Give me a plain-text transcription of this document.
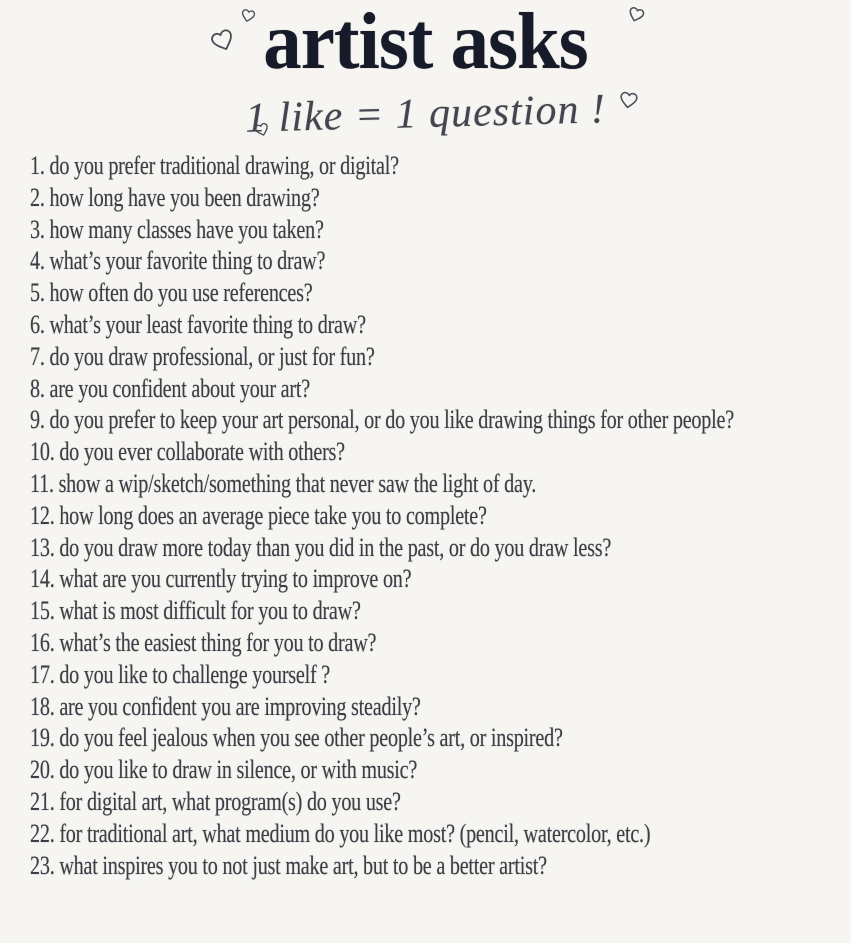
artist asks
1 like = 1 question !
1. do you prefer traditional drawing, or digital?
2. how long have you been drawing?
3. how many classes have you taken?
4. what’s your favorite thing to draw?
5. how often do you use references?
6. what’s your least favorite thing to draw?
7. do you draw professional, or just for fun?
8. are you confident about your art?
9. do you prefer to keep your art personal, or do you like drawing things for other people?
10. do you ever collaborate with others?
11. show a wip/sketch/something that never saw the light of day.
12. how long does an average piece take you to complete?
13. do you draw more today than you did in the past, or do you draw less?
14. what are you currently trying to improve on?
15. what is most difficult for you to draw?
16. what’s the easiest thing for you to draw?
17. do you like to challenge yourself ?
18. are you confident you are improving steadily?
19. do you feel jealous when you see other people’s art, or inspired?
20. do you like to draw in silence, or with music?
21. for digital art, what program(s) do you use?
22. for traditional art, what medium do you like most? (pencil, watercolor, etc.)
23. what inspires you to not just make art, but to be a better artist?
